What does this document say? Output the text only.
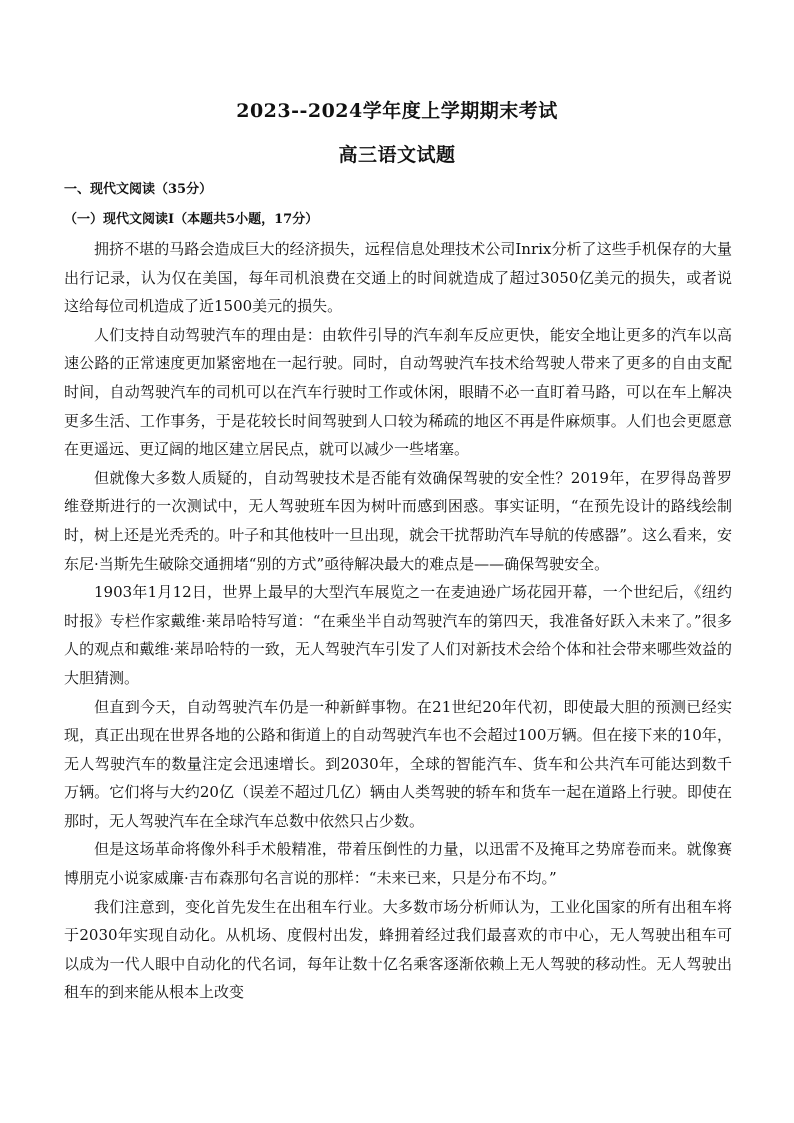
2023--2024学年度上学期期末考试
高三语文试题
一、现代文阅读（35分）
（一）现代文阅读Ⅰ（本题共5小题，17分）

拥挤不堪的马路会造成巨大的经济损失，远程信息处理技术公司Inrix分析了这些手机保存的大量出行记录，认为仅在美国，每年司机浪费在交通上的时间就造成了超过3050亿美元的损失，或者说这给每位司机造成了近1500美元的损失。

人们支持自动驾驶汽车的理由是：由软件引导的汽车刹车反应更快，能安全地让更多的汽车以高速公路的正常速度更加紧密地在一起行驶。同时，自动驾驶汽车技术给驾驶人带来了更多的自由支配时间，自动驾驶汽车的司机可以在汽车行驶时工作或休闲，眼睛不必一直盯着马路，可以在车上解决更多生活、工作事务，于是花较长时间驾驶到人口较为稀疏的地区不再是件麻烦事。人们也会更愿意在更遥远、更辽阔的地区建立居民点，就可以减少一些堵塞。

但就像大多数人质疑的，自动驾驶技术是否能有效确保驾驶的安全性？2019年，在罗得岛普罗维登斯进行的一次测试中，无人驾驶班车因为树叶而感到困惑。事实证明，“在预先设计的路线绘制时，树上还是光秃秃的。叶子和其他枝叶一旦出现，就会干扰帮助汽车导航的传感器”。这么看来，安东尼·当斯先生破除交通拥堵“别的方式”亟待解决最大的难点是——确保驾驶安全。

1903年1月12日，世界上最早的大型汽车展览之一在麦迪逊广场花园开幕，一个世纪后，《纽约时报》专栏作家戴维·莱昂哈特写道：“在乘坐半自动驾驶汽车的第四天，我准备好跃入未来了。”很多人的观点和戴维·莱昂哈特的一致，无人驾驶汽车引发了人们对新技术会给个体和社会带来哪些效益的大胆猜测。

但直到今天，自动驾驶汽车仍是一种新鲜事物。在21世纪20年代初，即使最大胆的预测已经实现，真正出现在世界各地的公路和街道上的自动驾驶汽车也不会超过100万辆。但在接下来的10年，无人驾驶汽车的数量注定会迅速增长。到2030年，全球的智能汽车、货车和公共汽车可能达到数千万辆。它们将与大约20亿（误差不超过几亿）辆由人类驾驶的轿车和货车一起在道路上行驶。即使在那时，无人驾驶汽车在全球汽车总数中依然只占少数。

但是这场革命将像外科手术般精准，带着压倒性的力量，以迅雷不及掩耳之势席卷而来。就像赛博朋克小说家威廉·吉布森那句名言说的那样：“未来已来，只是分布不均。”

我们注意到，变化首先发生在出租车行业。大多数市场分析师认为，工业化国家的所有出租车将于2030年实现自动化。从机场、度假村出发，蜂拥着经过我们最喜欢的市中心，无人驾驶出租车可以成为一代人眼中自动化的代名词，每年让数十亿名乘客逐渐依赖上无人驾驶的移动性。无人驾驶出租车的到来能从根本上改变
